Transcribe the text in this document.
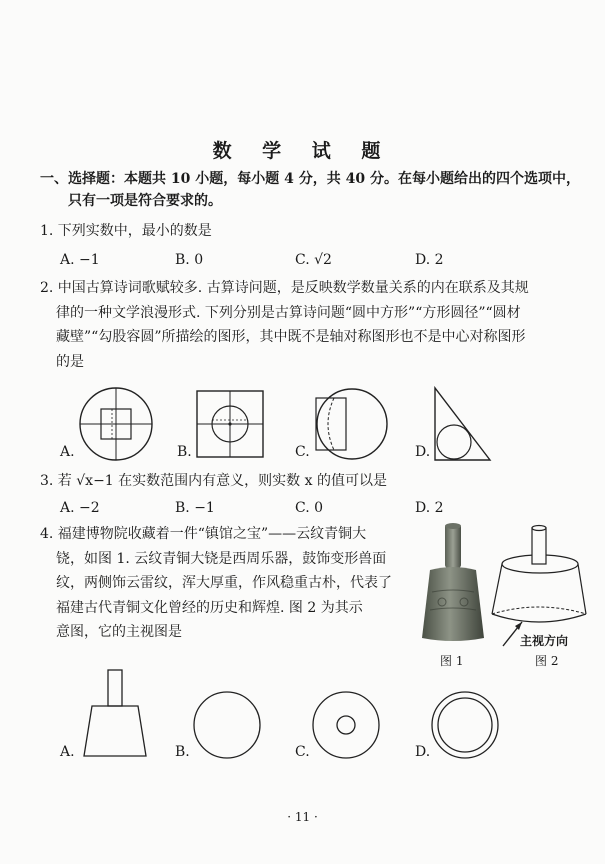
数 学 试 题
一、选择题：本题共 10 小题，每小题 4 分，共 40 分。在每小题给出的四个选项中，
只有一项是符合要求的。
1. 下列实数中，最小的数是
A. −1	B. 0	C. √2	D. 2
2. 中国古算诗词歌赋较多. 古算诗问题，是反映数学数量关系的内在联系及其规
律的一种文学浪漫形式. 下列分别是古算诗问题“圆中方形”“方形圆径”“圆材
藏壁”“勾股容圆”所描绘的图形，其中既不是轴对称图形也不是中心对称图形
的是
A.	B.	C.	D.
3. 若 √x−1 在实数范围内有意义，则实数 x 的值可以是
A. −2	B. −1	C. 0	D. 2
4. 福建博物院收藏着一件“镇馆之宝”——云纹青铜大
铙，如图 1. 云纹青铜大铙是西周乐器，鼓饰变形兽面
纹，两侧饰云雷纹，浑大厚重，作风稳重古朴，代表了
福建古代青铜文化曾经的历史和辉煌. 图 2 为其示
意图，它的主视图是
主视方向
图 1	图 2
A.	B.	C.	D.
· 11 ·
